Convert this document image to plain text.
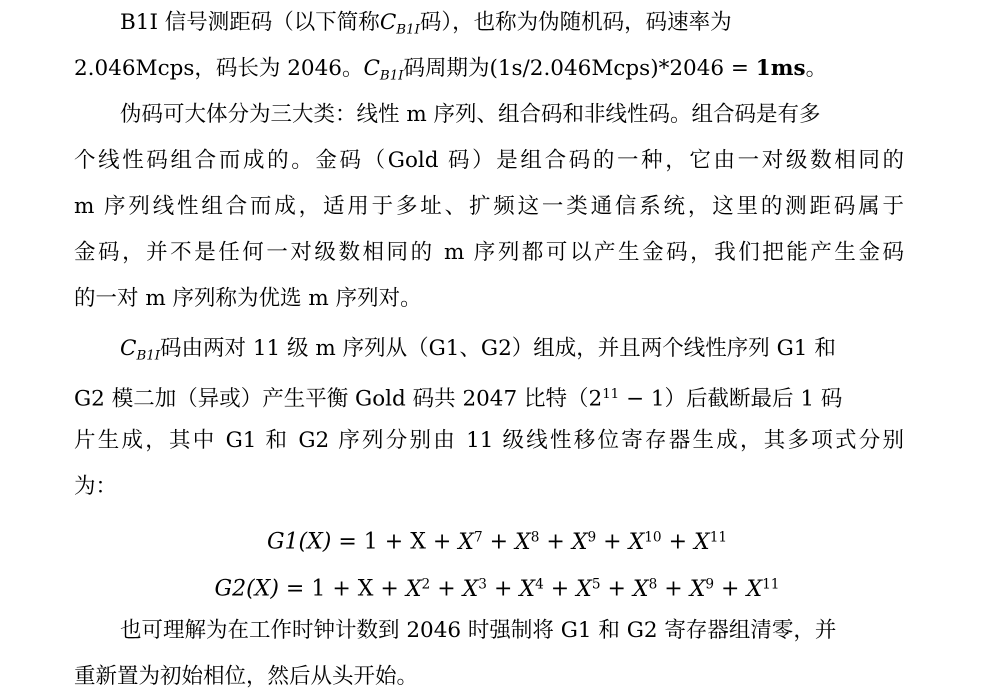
B1I 信号测距码（以下简称$C_{B1I}$码），也称为伪随机码，码速率为
2.046Mcps，码长为 2046。$C_{B1I}$码周期为(1s/2.046Mcps)*2046 = 1ms。
伪码可大体分为三大类：线性 m 序列、组合码和非线性码。组合码是有多
个线性码组合而成的。金码（Gold 码）是组合码的一种，它由一对级数相同的
m 序列线性组合而成，适用于多址、扩频这一类通信系统，这里的测距码属于
金码，并不是任何一对级数相同的 m 序列都可以产生金码，我们把能产生金码
的一对 m 序列称为优选 m 序列对。
$C_{B1I}$码由两对 11 级 m 序列从（G1、G2）组成，并且两个线性序列 G1 和
G2 模二加（异或）产生平衡 Gold 码共 2047 比特$(2^{11} - 1)$后截断最后 1 码
片生成，其中 G1 和 G2 序列分别由 11 级线性移位寄存器生成，其多项式分别
为：
$G1(X) = 1 + X + X^7 + X^8 + X^9 + X^{10} + X^{11}$
$G2(X) = 1 + X + X^2 + X^3 + X^4 + X^5 + X^8 + X^9 + X^{11}$
也可理解为在工作时钟计数到 2046 时强制将 G1 和 G2 寄存器组清零，并
重新置为初始相位，然后从头开始。
